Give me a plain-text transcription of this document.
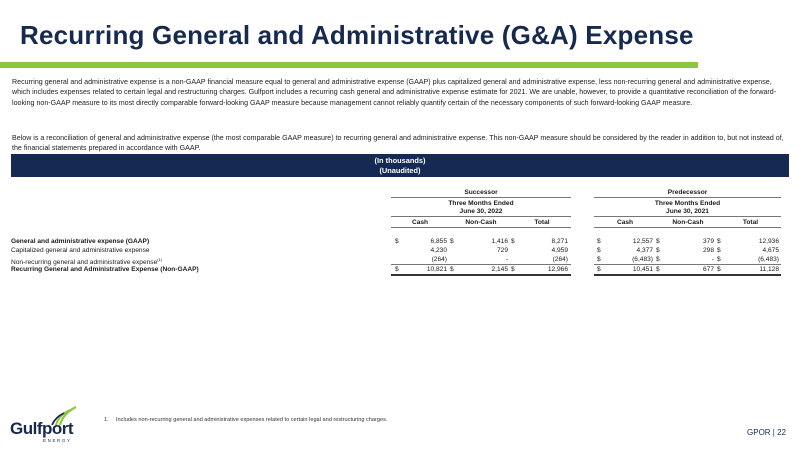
Recurring General and Administrative (G&A) Expense
Recurring general and administrative expense is a non-GAAP financial measure equal to general and administrative expense (GAAP) plus capitalized general and administrative expense, less non-recurring general and administrative expense, which includes expenses related to certain legal and restructuring charges. Gulfport includes a recurring cash general and administrative expense estimate for 2021. We are unable, however, to provide a quantitative reconciliation of the forward-looking non-GAAP measure to its most directly comparable forward-looking GAAP measure because management cannot reliably quantify certain of the necessary components of such forward-looking GAAP measure.
Below is a reconciliation of general and administrative expense (the most comparable GAAP measure) to recurring general and administrative expense. This non-GAAP measure should be considered by the reader in addition to, but not instead of, the financial statements prepared in accordance with GAAP.
(In thousands)
(Unaudited)
Successor
Three Months Ended
June 30, 2022
Predecessor
Three Months Ended
June 30, 2021
Cash	Non-Cash	Total	Cash	Non-Cash	Total
General and administrative expense (GAAP)	$	6,855 $	1,416 $	8,271	$	12,557 $	379 $	12,936
Capitalized general and administrative expense	4,230	729	4,959	$	4,377 $	298 $	4,675
Non-recurring general and administrative expense$^{(1)}$	(264)	-	(264)	$	(6,483) $	- $	(6,483)
Recurring General and Administrative Expense (Non-GAAP)	$	10,821 $	2,145 $	12,966	$	10,451 $	677 $	11,128
1. Includes non-recurring general and administrative expenses related to certain legal and restructuring charges.
Gulfport
ENERGY
GPOR | 22
